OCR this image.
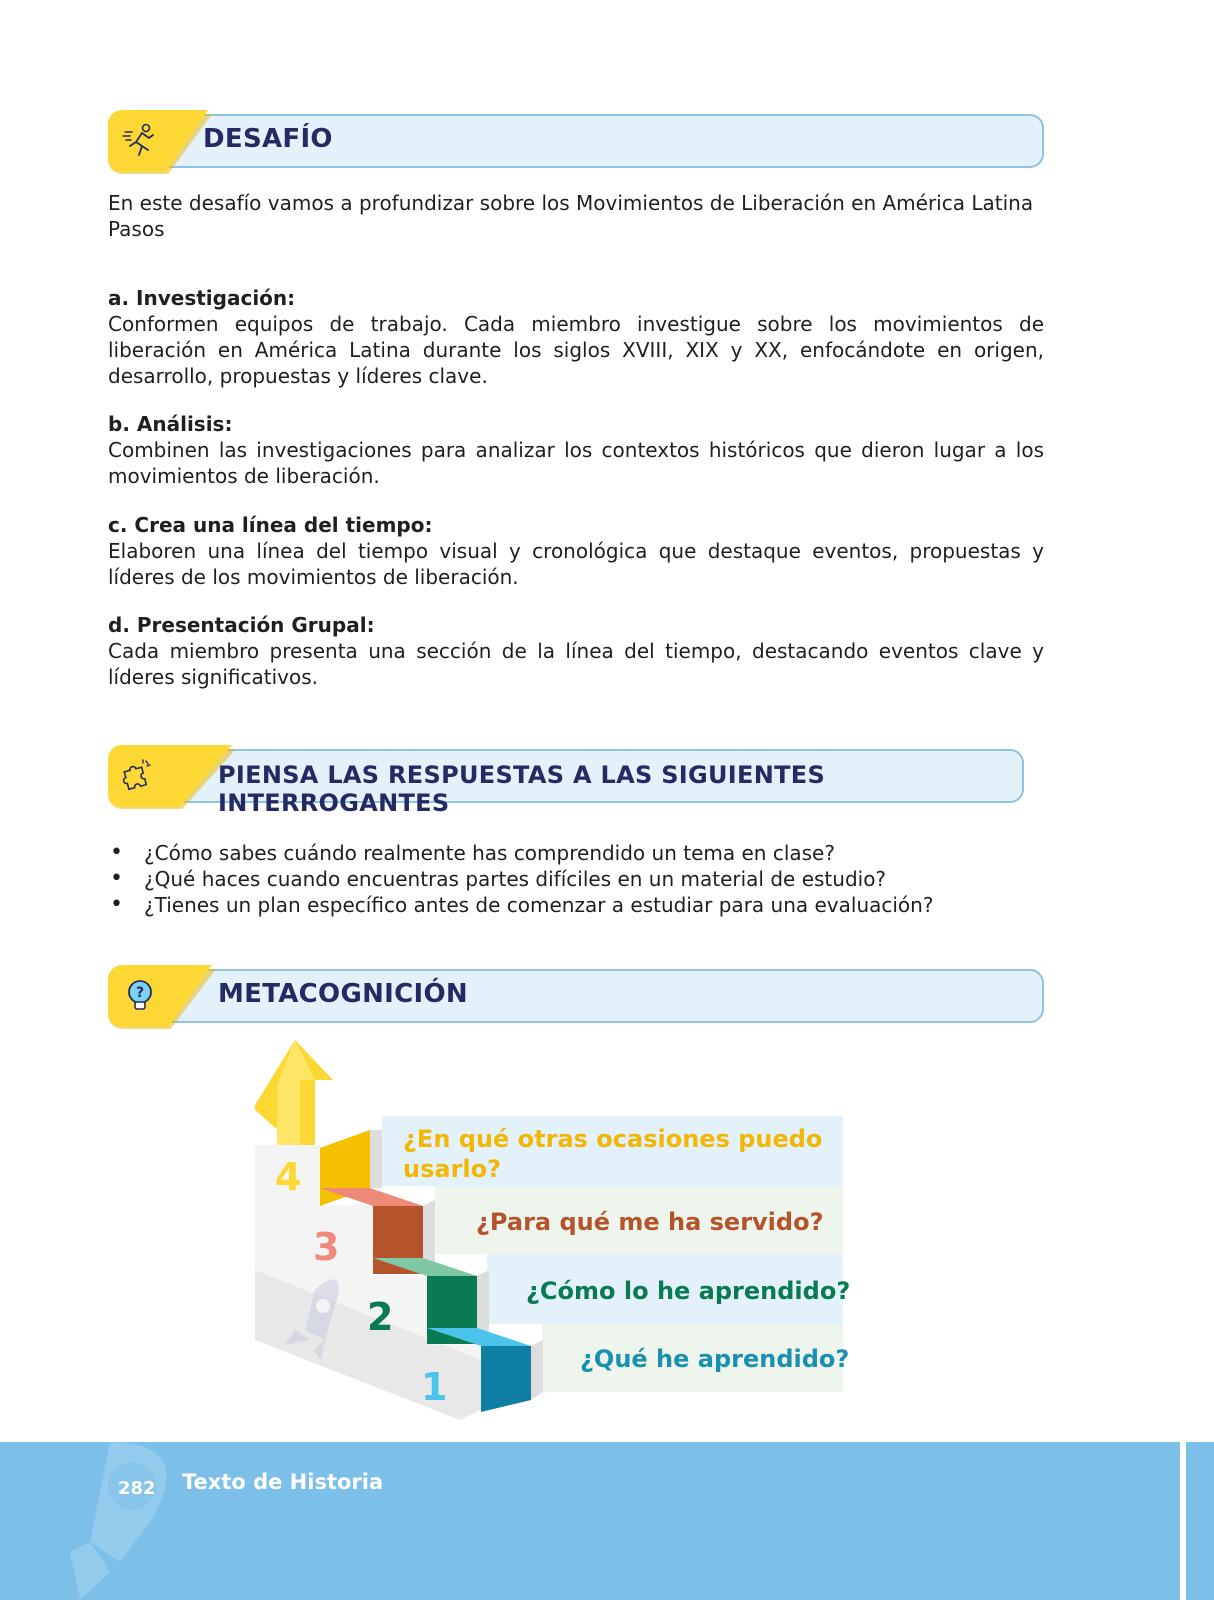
DESAFÍO
En este desafío vamos a profundizar sobre los Movimientos de Liberación en América Latina
Pasos
a. Investigación:
Conformen equipos de trabajo. Cada miembro investigue sobre los movimientos de liberación en América Latina durante los siglos XVIII, XIX y XX, enfocándote en origen, desarrollo, propuestas y líderes clave.
b. Análisis:
Combinen las investigaciones para analizar los contextos históricos que dieron lugar a los movimientos de liberación.
c. Crea una línea del tiempo:
Elaboren una línea del tiempo visual y cronológica que destaque eventos, propuestas y líderes de los movimientos de liberación.
d. Presentación Grupal:
Cada miembro presenta una sección de la línea del tiempo, destacando eventos clave y líderes significativos.
PIENSA LAS RESPUESTAS A LAS SIGUIENTES INTERROGANTES
• ¿Cómo sabes cuándo realmente has comprendido un tema en clase?
• ¿Qué haces cuando encuentras partes difíciles en un material de estudio?
• ¿Tienes un plan específico antes de comenzar a estudiar para una evaluación?
?	METACOGNICIÓN
4
3
2
1
¿En qué otras ocasiones puedo
usarlo?
¿Para qué me ha servido?
¿Cómo lo he aprendido?
¿Qué he aprendido?
282 Texto de Historia
